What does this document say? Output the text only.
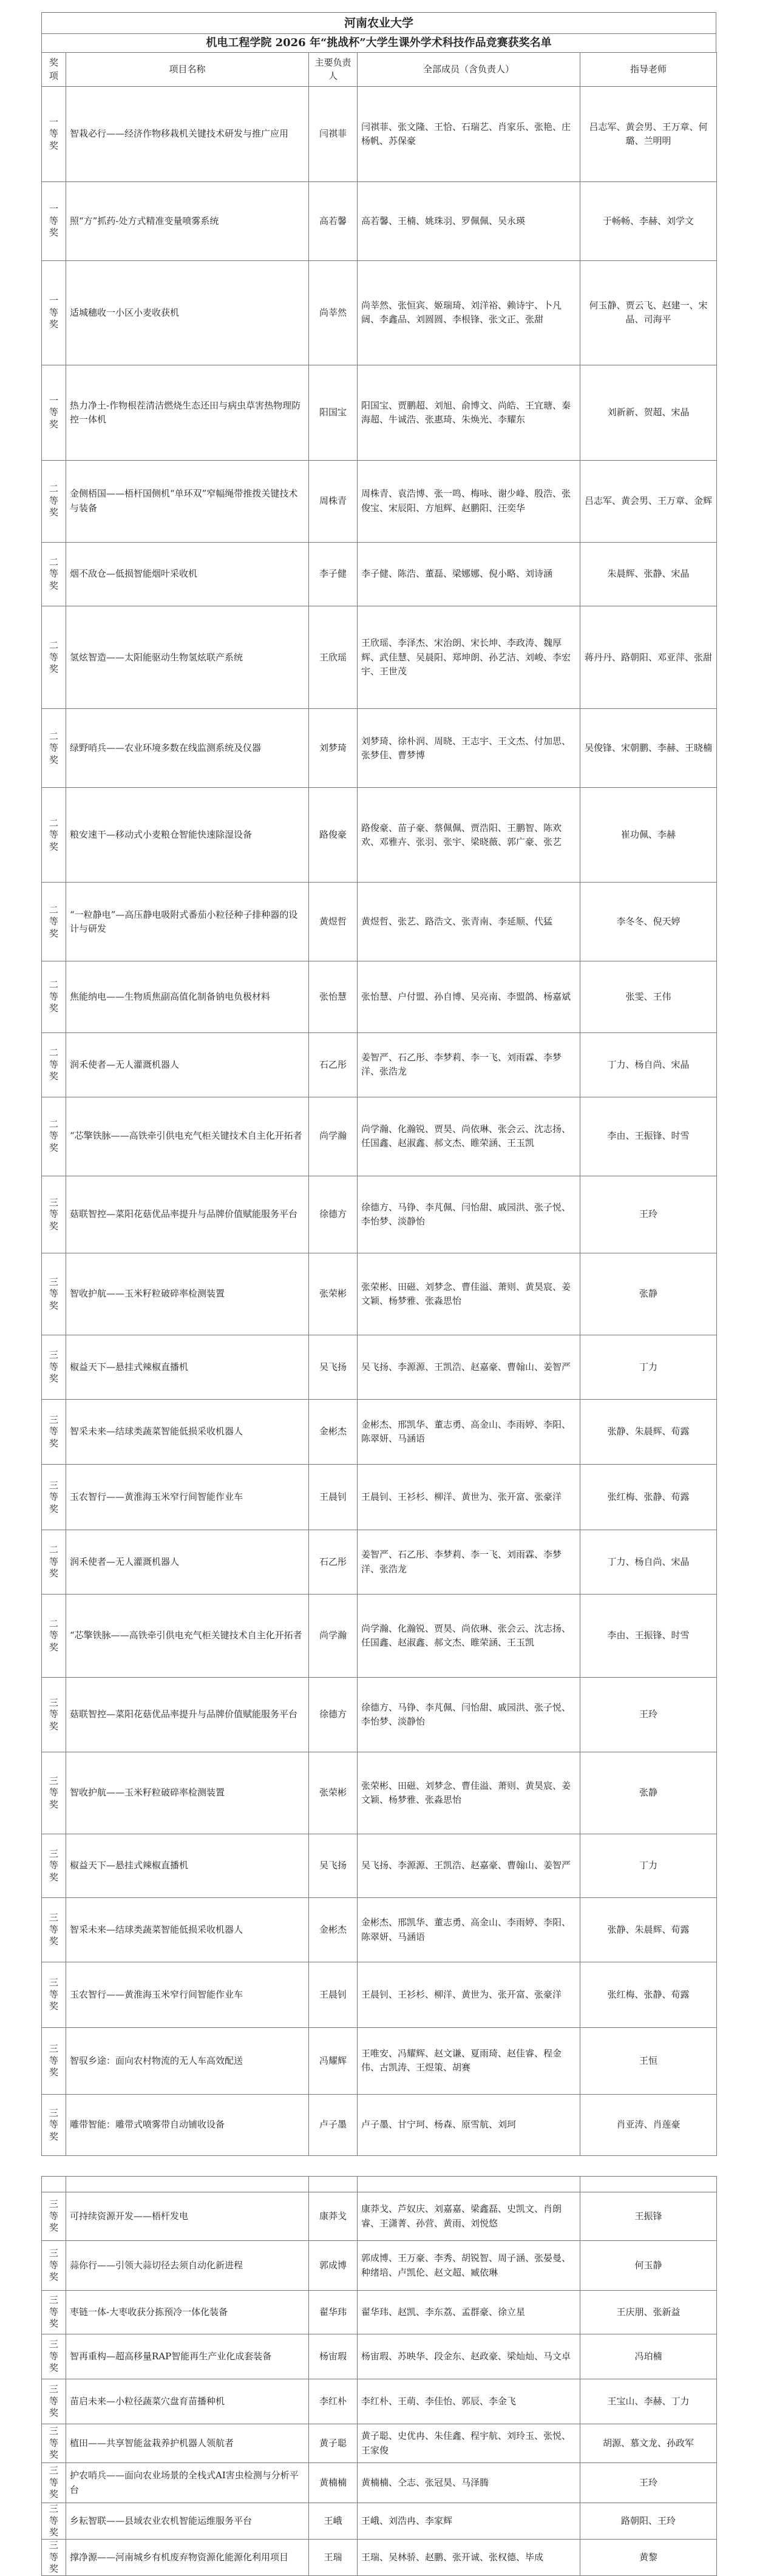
河南农业大学
机电工程学院 2026 年“挑战杯”大学生课外学术科技作品竞赛获奖名单
奖项	项目名称	主要负责人	全部成员（含负责人）	指导老师

一等奖	智栽必行——经济作物移栽机关键技术研发与推广应用	闫祺菲	闫祺菲、张文隆、王恰、石瑞艺、肖家乐、张艳、庄杨帆、苏保豪	吕志军、黄会男、王万章、何璐、兰明明

一等奖	照“方”抓药-处方式精准变量喷雾系统	高若馨	高若馨、王楠、姚珠羽、罗佩佩、吴永瑛	于畅畅、李赫、刘学文

一等奖	适城穗收一小区小麦收获机	尚莘然	尚莘然、张恒宾、姬瑞琦、刘洋裕、赖诗宇、卜凡阔、李鑫品、刘圆圆、李根锋、张文正、张甜	何玉静、贾云飞、赵建一、宋晶、司海平

一等奖	热力净土-作物根茬清洁燃烧生态还田与病虫草害热物理防控一体机	阳国宝	阳国宝、贾鹏超、刘旭、俞博文、尚皓、王宜瑭、秦海超、牛诚浩、张惠琦、朱焕光、李耀东	刘新新、贺超、宋晶

二等奖	金侧梧国——梧杆国侧机“单环双”窄幅绳带推拨关键技术与装备	周株青	周株青、袁浩博、张一鸣、梅咏、谢少峰、殷浩、张俊宝、宋辰阳、方旭辉、赵鹏阳、汪奕华	吕志军、黄会男、王万章、金辉

二等奖	烟不敌仓—低损智能烟叶采收机	李子健	李子健、陈浩、董磊、梁娜娜、倪小略、刘诗涵	朱晨辉、张静、宋晶

二等奖	氢炫智造——太阳能驱动生物氢炫联产系统	王欣瑶	王欣瑶、李泽杰、宋治朗、宋长坤、李政涛、魏厚辉、武佳慧、吴晨阳、郑坤朗、孙艺洁、刘峻、李宏宇、王世茂	蒋丹丹、路朝阳、邓亚萍、张甜

二等奖	绿野哨兵——农业环境多数在线监测系统及仪器	刘梦琦	刘梦琦、徐朴润、周晓、王志宇、王文杰、付加思、张梦佳、曹梦博	吴俊锋、宋朝鹏、李赫、王晓楠

二等奖	粮安速干—移动式小麦粮仓智能快速除湿设备	路俊豪	路俊豪、苗子豪、蔡佩佩、贾浩阳、王鹏智、陈欢欢、邓雅卉、张羽、张宇、梁晓薇、郭广豪、张艺	崔功佩、李赫

二等奖	“一粒静电”—高压静电吸附式番茄小粒径种子排种器的设计与研发	黄煜哲	黄煜哲、张艺、路浩文、张青南、李延顺、代猛	李冬冬、倪天婷

二等奖	焦能纳电——生物质焦副高值化制备钠电负极材料	张怡慧	张怡慧、户付盟、孙自博、吴亮南、李盟鸽、杨嘉斌	张雯、王伟

二等奖	润禾使者—无人灌溉机器人	石乙彤	姜智严、石乙彤、李梦莉、李一飞、刘雨霖、李梦洋、张浩龙	丁力、杨自尚、宋晶

二等奖	“芯擎铁脉——高铁牵引供电充气柜关键技术自主化开拓者	尚学瀚	尚学瀚、化瀚锐、贾昊、尚依琳、张会云、沈志扬、任国鑫、赵淑鑫、郝文杰、睢荣涵、王玉凯	李由、王振锋、时雪

三等奖	菇联智控—菜阳花菇优品率提升与品牌价值赋能服务平台	徐德方	徐德方、马铮、李芃佩、闫怡甜、戚园洪、张子悦、李怡梦、淡静怡	王玲

三等奖	智收护航——玉米籽粒破碎率检测装置	张荣彬	张荣彬、田磁、刘梦念、曹佳溢、萧则、黄昊宸、姜文颖、杨梦雅、张淼思怡	张静

三等奖	椒益天下—悬挂式辣椒直播机	吴飞扬	吴飞扬、李源源、王凯浩、赵嘉豪、曹翰山、姜智严	丁力

三等奖	智采未来—结球类蔬菜智能低损采收机器人	金彬杰	金彬杰、邢凯华、董志勇、高金山、李雨婷、李阳、陈翠妍、马涵语	张静、朱晨辉、荀露

三等奖	玉农智行——黄淮海玉米窄行间智能作业车	王晨钊	王晨钊、王衫杉、柳洋、黄世为、张开富、张豪洋	张红梅、张静、荀露

二等奖	润禾使者—无人灌溉机器人	石乙彤	姜智严、石乙彤、李梦莉、李一飞、刘雨霖、李梦洋、张浩龙	丁力、杨自尚、宋晶

二等奖	“芯擎铁脉——高铁牵引供电充气柜关键技术自主化开拓者	尚学瀚	尚学瀚、化瀚锐、贾昊、尚依琳、张会云、沈志扬、任国鑫、赵淑鑫、郝文杰、睢荣涵、王玉凯	李由、王振锋、时雪

三等奖	菇联智控—菜阳花菇优品率提升与品牌价值赋能服务平台	徐德方	徐德方、马铮、李芃佩、闫怡甜、戚园洪、张子悦、李怡梦、淡静怡	王玲

三等奖	智收护航——玉米籽粒破碎率检测装置	张荣彬	张荣彬、田磁、刘梦念、曹佳溢、萧则、黄昊宸、姜文颖、杨梦雅、张淼思怡	张静

三等奖	椒益天下—悬挂式辣椒直播机	吴飞扬	吴飞扬、李源源、王凯浩、赵嘉豪、曹翰山、姜智严	丁力

三等奖	智采未来—结球类蔬菜智能低损采收机器人	金彬杰	金彬杰、邢凯华、董志勇、高金山、李雨婷、李阳、陈翠妍、马涵语	张静、朱晨辉、荀露

三等奖	玉农智行——黄淮海玉米窄行间智能作业车	王晨钊	王晨钊、王衫杉、柳洋、黄世为、张开富、张豪洋	张红梅、张静、荀露

三等奖	智驭乡途：面向农村物流的无人车高效配送	冯耀辉	王唯安、冯耀辉、赵文谦、夏雨琦、赵佳睿、程金伟、古凯涛、王煜策、胡赛	王恒

三等奖	雕带智能：雕带式喷雾带自动铺收设备	卢子墨	卢子墨、甘宁珂、杨森、原雪航、刘珂	肖亚涛、肖莲豪

三等奖	可持续资源开发——梧杆发电	康莽戈	康莽戈、芦奴庆、刘嘉嘉、梁鑫磊、史凯文、肖朗睿、王潇菁、孙营、黄雨、刘悦悠	王振锋

三等奖	蒜你行——引领大蒜切径去须自动化新进程	郭成博	郭成博、王万豪、李秀、胡锐智、周子涵、张晏曼、种绪培、卢凯伦、赵文超、臧依琳	何玉静

三等奖	枣链一体-大枣收获分拣预冷一体化装备	翟华玮	翟华玮、赵凯、李东荔、孟群豪、徐立星	王庆朋、张新益

三等奖	智再重构—超高移量RAP智能再生产业化成套装备	杨宙瑕	杨宙瑕、苏映华、段金东、赵政豪、梁灿灿、马文卓	冯珀楠

三等奖	苗启未来—小粒径蔬菜穴盘育苗播种机	李红朴	李红朴、王萌、李佳怡、郭辰、李金飞	王宝山、李赫、丁力

三等奖	植田——共享智能盆栽养护机器人领航者	黄子聪	黄子聪、史优冉、朱佳鑫、程宇航、刘玲玉、张悦、王家俊	胡源、慕文龙、孙政军

三等奖	护农哨兵——面向农业场景的全栈式AI害虫检测与分析平台	黄楠楠	黄楠楠、仝志、张冠昊、马泽腾	王玲

三等奖	乡耘智联——县域农业农机智能运维服务平台	王峨	王峨、刘浩冉、李家辉	路朝阳、王玲

三等奖	撑净源——河南城乡有机废弃物资源化能源化利用项目	王瑞	王瑞、吴林骄、赵鹏、张开诚、张权德、毕成	黄黎
